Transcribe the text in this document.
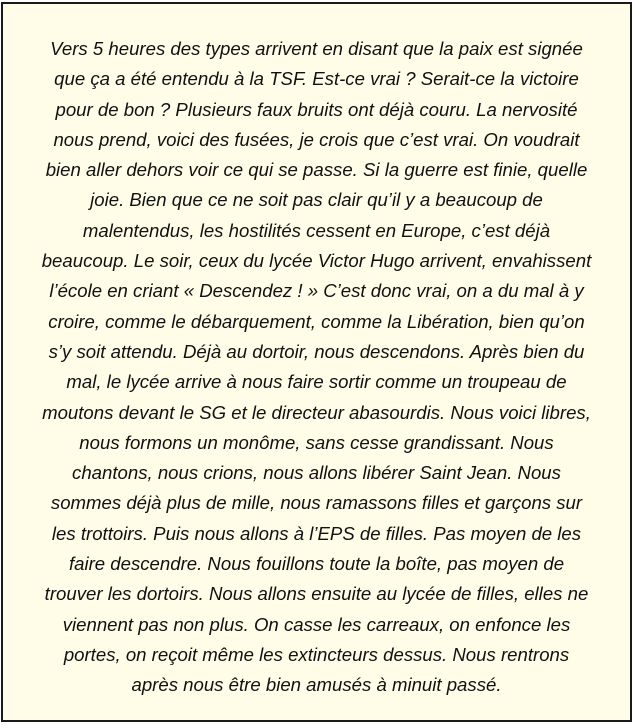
Vers 5 heures des types arrivent en disant que la paix est signée
que ça a été entendu à la TSF. Est-ce vrai ? Serait-ce la victoire
pour de bon ? Plusieurs faux bruits ont déjà couru. La nervosité
nous prend, voici des fusées, je crois que c’est vrai. On voudrait
bien aller dehors voir ce qui se passe. Si la guerre est finie, quelle
joie. Bien que ce ne soit pas clair qu’il y a beaucoup de
malentendus, les hostilités cessent en Europe, c’est déjà
beaucoup. Le soir, ceux du lycée Victor Hugo arrivent, envahissent
l’école en criant « Descendez ! » C’est donc vrai, on a du mal à y
croire, comme le débarquement, comme la Libération, bien qu’on
s’y soit attendu. Déjà au dortoir, nous descendons. Après bien du
mal, le lycée arrive à nous faire sortir comme un troupeau de
moutons devant le SG et le directeur abasourdis. Nous voici libres,
nous formons un monôme, sans cesse grandissant. Nous
chantons, nous crions, nous allons libérer Saint Jean. Nous
sommes déjà plus de mille, nous ramassons filles et garçons sur
les trottoirs. Puis nous allons à l’EPS de filles. Pas moyen de les
faire descendre. Nous fouillons toute la boîte, pas moyen de
trouver les dortoirs. Nous allons ensuite au lycée de filles, elles ne
viennent pas non plus. On casse les carreaux, on enfonce les
portes, on reçoit même les extincteurs dessus. Nous rentrons
après nous être bien amusés à minuit passé.
